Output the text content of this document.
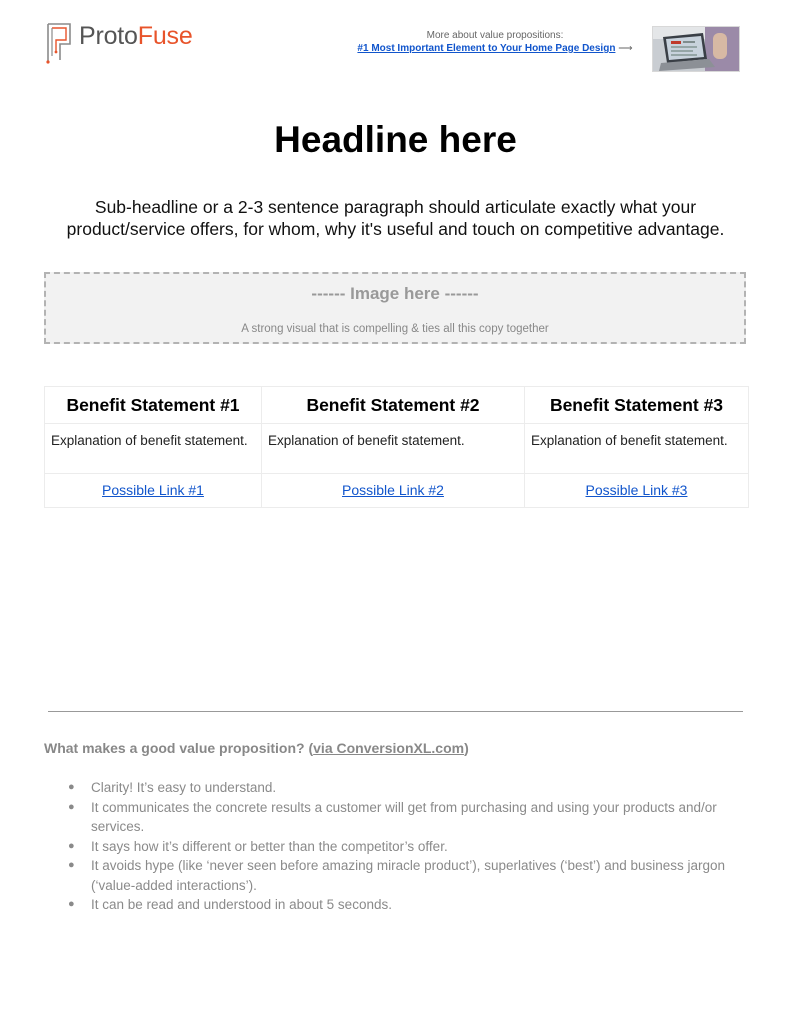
ProtoFuse	More about value propositions:
#1 Most Important Element to Your Home Page Design ⟶
Headline here
Sub-headline or a 2-3 sentence paragraph should articulate exactly what your product/service offers, for whom, why it's useful and touch on competitive advantage.
------ Image here ------
A strong visual that is compelling & ties all this copy together
Benefit Statement #1	Benefit Statement #2	Benefit Statement #3
Explanation of benefit statement.	Explanation of benefit statement.	Explanation of benefit statement.
Possible Link #1	Possible Link #2	Possible Link #3
What makes a good value proposition? (via ConversionXL.com)
● Clarity! It’s easy to understand.
● It communicates the concrete results a customer will get from purchasing and using your products and/or services.
● It says how it’s different or better than the competitor’s offer.
● It avoids hype (like ‘never seen before amazing miracle product’), superlatives (‘best’) and business jargon (‘value-added interactions’).
● It can be read and understood in about 5 seconds.
